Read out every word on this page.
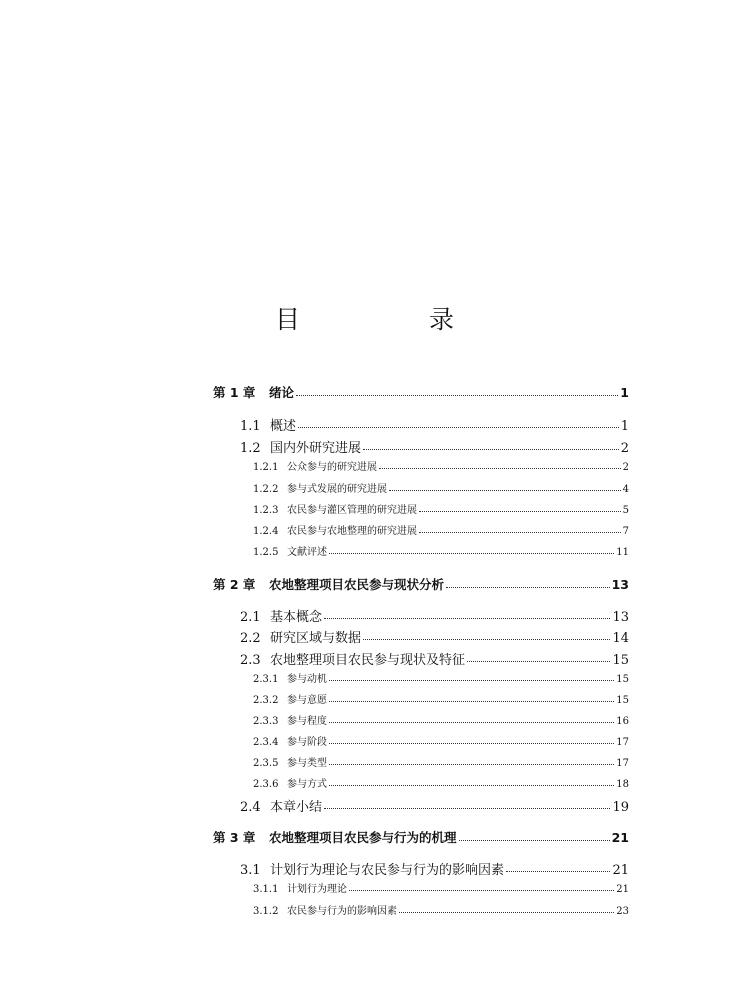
目　录
第 1 章	绪论	1
1.1 概述	1
1.2 国内外研究进展	2
1.2.1 公众参与的研究进展	2
1.2.2 参与式发展的研究进展	4
1.2.3 农民参与灌区管理的研究进展	5
1.2.4 农民参与农地整理的研究进展	7
1.2.5 文献评述	11
第 2 章	农地整理项目农民参与现状分析	13
2.1 基本概念	13
2.2 研究区域与数据	14
2.3 农地整理项目农民参与现状及特征	15
2.3.1 参与动机	15
2.3.2 参与意愿	15
2.3.3 参与程度	16
2.3.4 参与阶段	17
2.3.5 参与类型	17
2.3.6 参与方式	18
2.4 本章小结	19
第 3 章	农地整理项目农民参与行为的机理	21
3.1 计划行为理论与农民参与行为的影响因素	21
3.1.1 计划行为理论	21
3.1.2 农民参与行为的影响因素	23
